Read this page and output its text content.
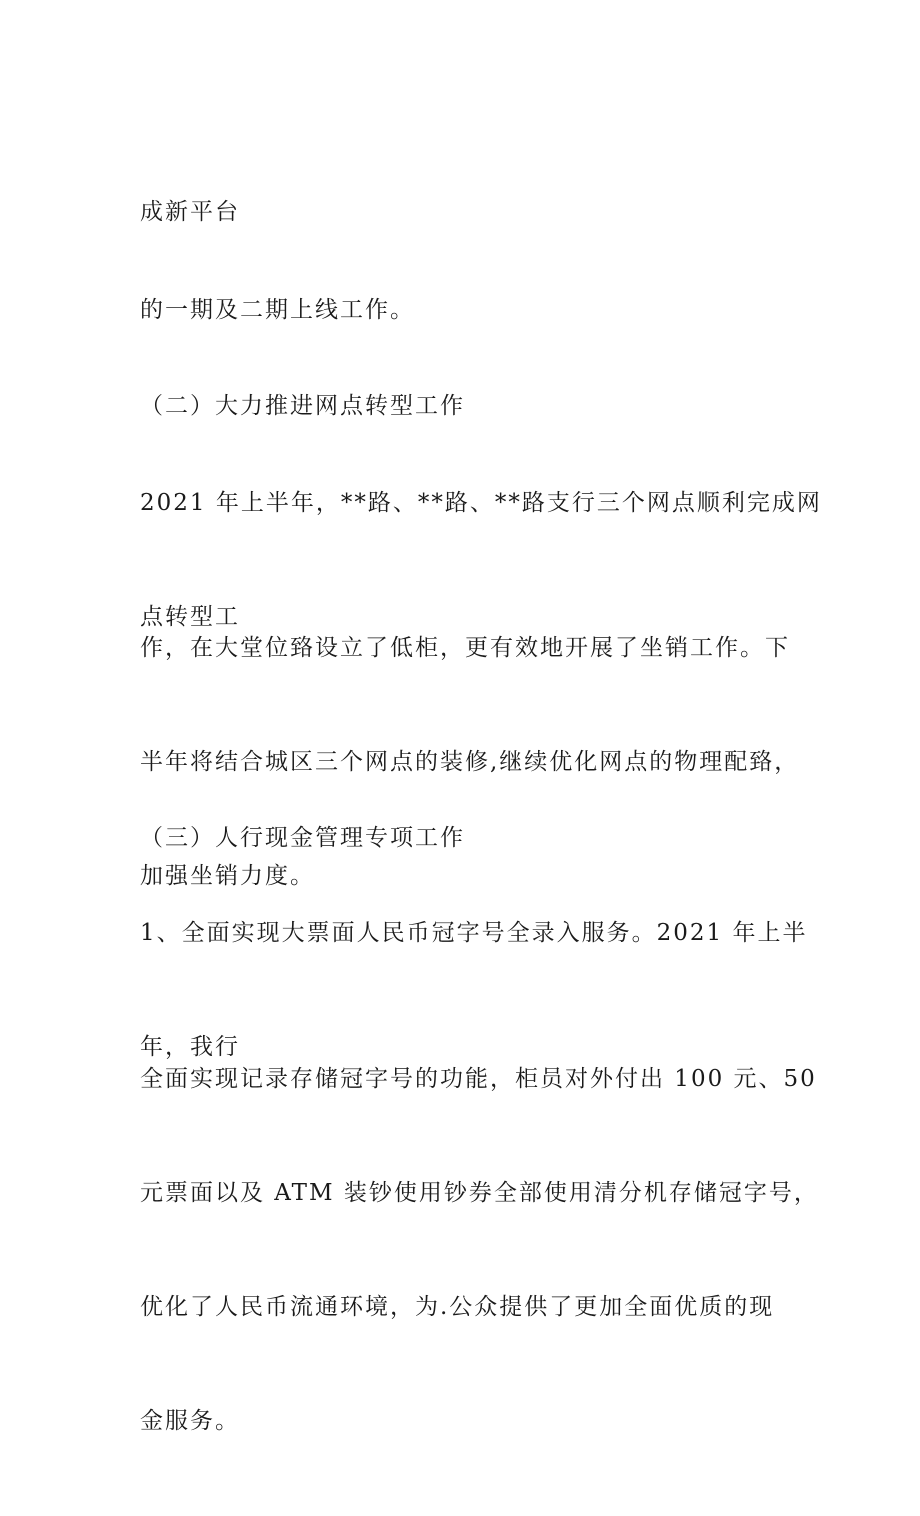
成新平台

的一期及二期上线工作。

（二）大力推进网点转型工作

2021 年上半年，**路、**路、**路支行三个网点顺利完成网

点转型工

作，在大堂位臵设立了低柜，更有效地开展了坐销工作。下

半年将结合城区三个网点的装修,继续优化网点的物理配臵，

加强坐销力度。

（三）人行现金管理专项工作

1、全面实现大票面人民币冠字号全录入服务。2021 年上半

年，我行

全面实现记录存储冠字号的功能，柜员对外付出 100 元、50

元票面以及 ATM 装钞使用钞券全部使用清分机存储冠字号，

优化了人民币流通环境，为.公众提供了更加全面优质的现

金服务。
